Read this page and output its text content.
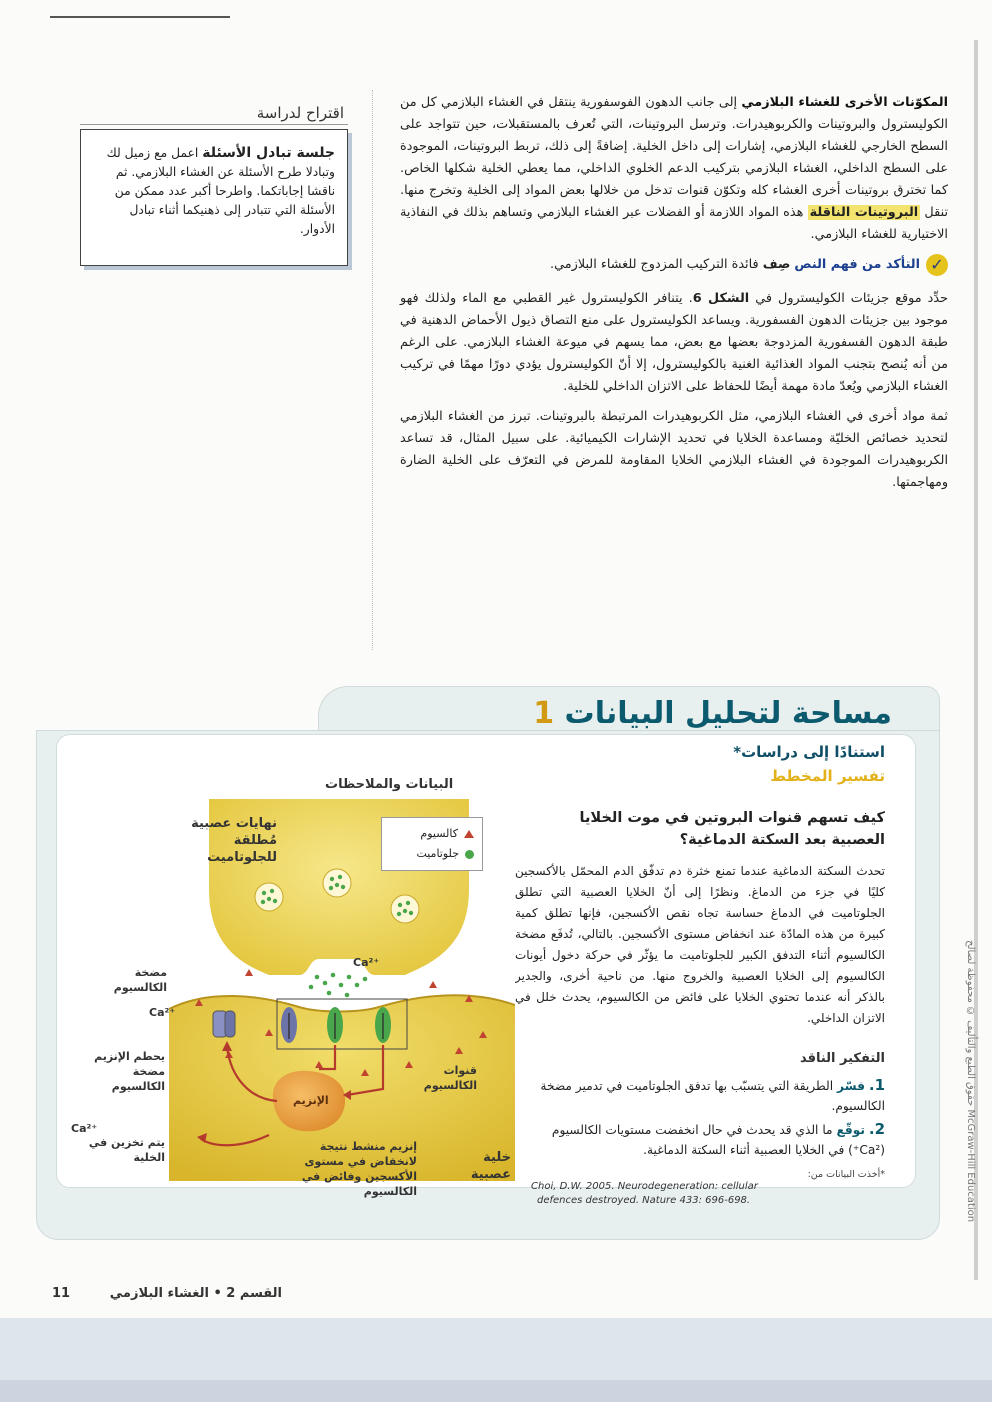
McGraw-Hill Education حقوق الطبع والتأليف © محفوظة لصالح

المكوّنات الأخرى للغشاء البلازمي إلى جانب الدهون الفوسفورية ينتقل في الغشاء البلازمي كل من الكوليسترول والبروتينات والكربوهيدرات. وترسل البروتينات، التي تُعرف بالمستقبلات، حين تتواجد على السطح الخارجي للغشاء البلازمي، إشارات إلى داخل الخلية. إضافةً إلى ذلك، تربط البروتينات، الموجودة على السطح الداخلي، الغشاء البلازمي بتركيب الدعم الخلوي الداخلي، مما يعطي الخلية شكلها الخاص. كما تخترق بروتينات أخرى الغشاء كله وتكوّن قنوات تدخل من خلالها بعض المواد إلى الخلية وتخرج منها. تنقل البروتينات الناقلة هذه المواد اللازمة أو الفضلات عبر الغشاء البلازمي وتساهم بذلك في النفاذية الاختيارية للغشاء البلازمي.

✓
التأكد من فهم النص صِف فائدة التركيب المزدوج للغشاء البلازمي.

حدِّد موقع جزيئات الكوليسترول في الشكل 6. يتنافر الكوليسترول غير القطبي مع الماء ولذلك فهو موجود بين جزيئات الدهون الفسفورية. ويساعد الكوليسترول على منع التصاق ذيول الأحماض الدهنية في طبقة الدهون الفسفورية المزدوجة بعضها مع بعض، مما يسهم في ميوعة الغشاء البلازمي. على الرغم من أنه يُنصح بتجنب المواد الغذائية الغنية بالكوليسترول، إلا أنّ الكوليسترول يؤدي دورًا مهمًا في تركيب الغشاء البلازمي ويُعدّ مادة مهمة أيضًا للحفاظ على الاتزان الداخلي للخلية.

ثمة مواد أخرى في الغشاء البلازمي، مثل الكربوهيدرات المرتبطة بالبروتينات. تبرز من الغشاء البلازمي لتحديد خصائص الخليّة ومساعدة الخلايا في تحديد الإشارات الكيميائية. على سبيل المثال، قد تساعد الكربوهيدرات الموجودة في الغشاء البلازمي الخلايا المقاومة للمرض في التعرّف على الخلية الضارة ومهاجمتها.

اقتراح لدراسة
جلسة تبادل الأسئلة اعمل مع زميل لك وتبادلا طرح الأسئلة عن الغشاء البلازمي. ثم ناقشا إجاباتكما. واطرحا أكبر عدد ممكن من الأسئلة التي تتبادر إلى ذهنيكما أثناء تبادل الأدوار.
مساحة لتحليل البيانات 1
استنادًا إلى دراسات*
تفسير المخطط
البيانات والملاحظات
كيف تسهم قنوات البروتين في موت الخلايا العصبية بعد السكتة الدماغية؟
تحدث السكتة الدماغية عندما تمنع خثرة دم تدفّق الدم المحمّل بالأكسجين كليًا في جزء من الدماغ. ونظرًا إلى أنّ الخلايا العصبية التي تطلق الجلوتاميت في الدماغ حساسة تجاه نقص الأكسجين، فإنها تطلق كمية كبيرة من هذه المادّة عند انخفاض مستوى الأكسجين. بالتالي، تُدفَع مضخة الكالسيوم أثناء التدفق الكبير للجلوتاميت ما يؤثّر في حركة دخول أيونات الكالسيوم إلى الخلايا العصبية والخروج منها. من ناحية أخرى، والجدير بالذكر أنه عندما تحتوي الخلايا على فائض من الكالسيوم، يحدث خلل في الاتزان الداخلي.
التفكير الناقد
1. فسّر الطريقة التي يتسبّب بها تدفق الجلوتاميت في تدمير مضخة الكالسيوم.
2. توقّع ما الذي قد يحدث في حال انخفضت مستويات الكالسيوم (Ca²⁺) في الخلايا العصبية أثناء السكتة الدماغية.
*أخذت البيانات من:
Choi, D.W. 2005. Neurodegeneration: cellular
defences destroyed. Nature 433: 696-698.
كالسيوم
جلوتاميت
نهايات عصبية مُطلقة للجلوتاميت
مضخة الكالسيوم
Ca²⁺
Ca²⁺
يحطم الإنزيم مضخة الكالسيوم
الإنزيم
قنوات الكالسيوم
Ca²⁺
يتم تخزين في الخلية
إنزيم منشط نتيجة لانخفاض في مستوى الأكسجين وفائض في الكالسيوم
خلية عصبية
القسم 2 • الغشاء البلازمي
11
